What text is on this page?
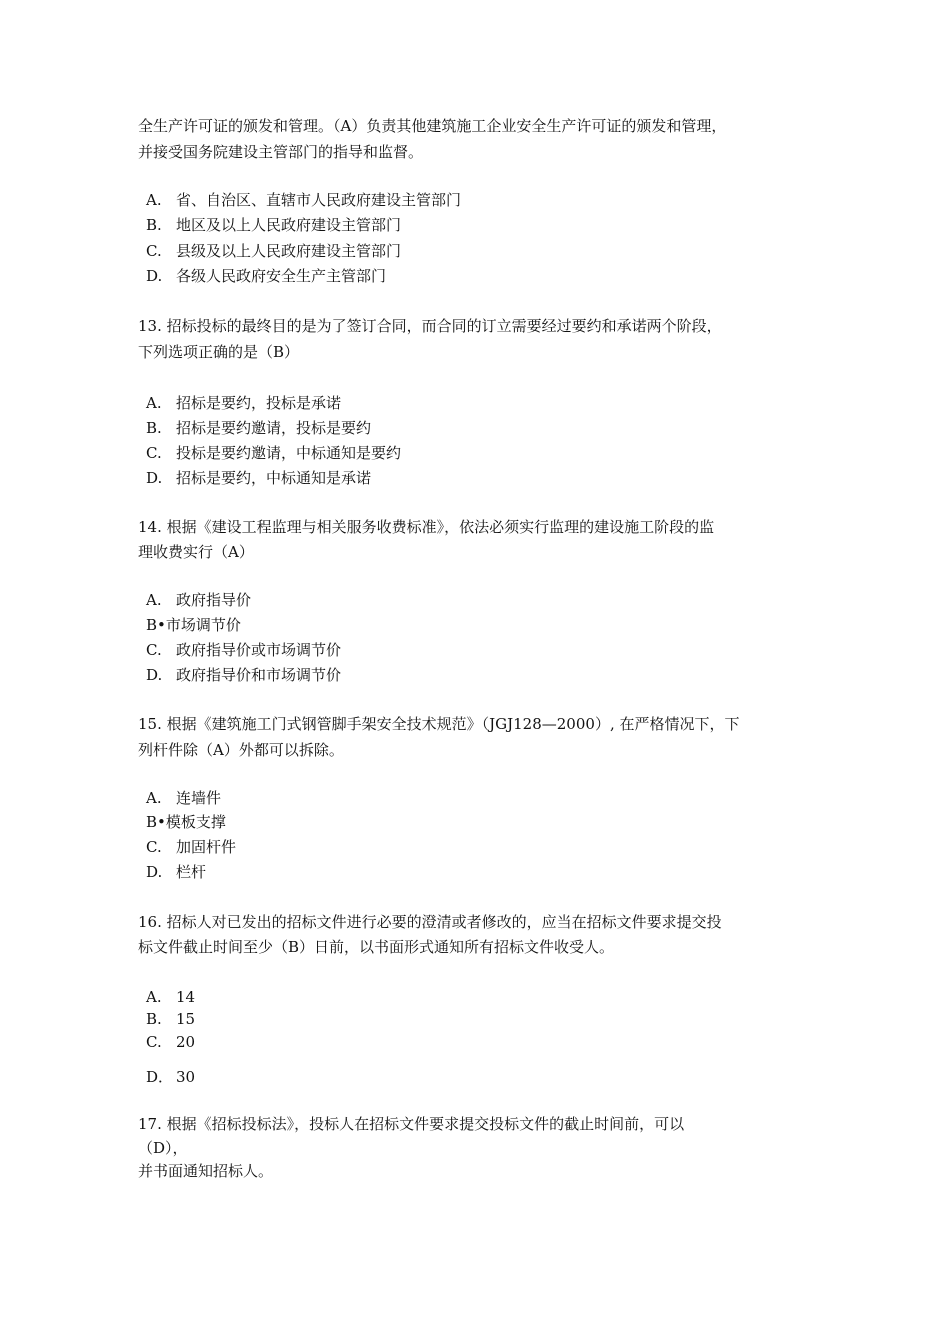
全生产许可证的颁发和管理。（A）负责其他建筑施工企业安全生产许可证的颁发和管理，
并接受国务院建设主管部门的指导和监督。
A. 省、自治区、直辖市人民政府建设主管部门
B. 地区及以上人民政府建设主管部门
C. 县级及以上人民政府建设主管部门
D. 各级人民政府安全生产主管部门
13. 招标投标的最终目的是为了签订合同，而合同的订立需要经过要约和承诺两个阶段，
下列选项正确的是（B）
A. 招标是要约，投标是承诺
B. 招标是要约邀请，投标是要约
C. 投标是要约邀请，中标通知是要约
D. 招标是要约，中标通知是承诺
14. 根据《建设工程监理与相关服务收费标准》，依法必须实行监理的建设施工阶段的监
理收费实行（A）
A. 政府指导价
B•市场调节价
C. 政府指导价或市场调节价
D. 政府指导价和市场调节价
15. 根据《建筑施工门式钢管脚手架安全技术规范》（JGJ128—2000）, 在严格情况下，下
列杆件除（A）外都可以拆除。
A. 连墙件
B•模板支撑
C. 加固杆件
D. 栏杆
16. 招标人对已发出的招标文件进行必要的澄清或者修改的，应当在招标文件要求提交投
标文件截止时间至少（B）日前，以书面形式通知所有招标文件收受人。
A. 14
B. 15
C. 20
D． 30
17. 根据《招标投标法》，投标人在招标文件要求提交投标文件的截止时间前，可以
（D），
并书面通知招标人。
